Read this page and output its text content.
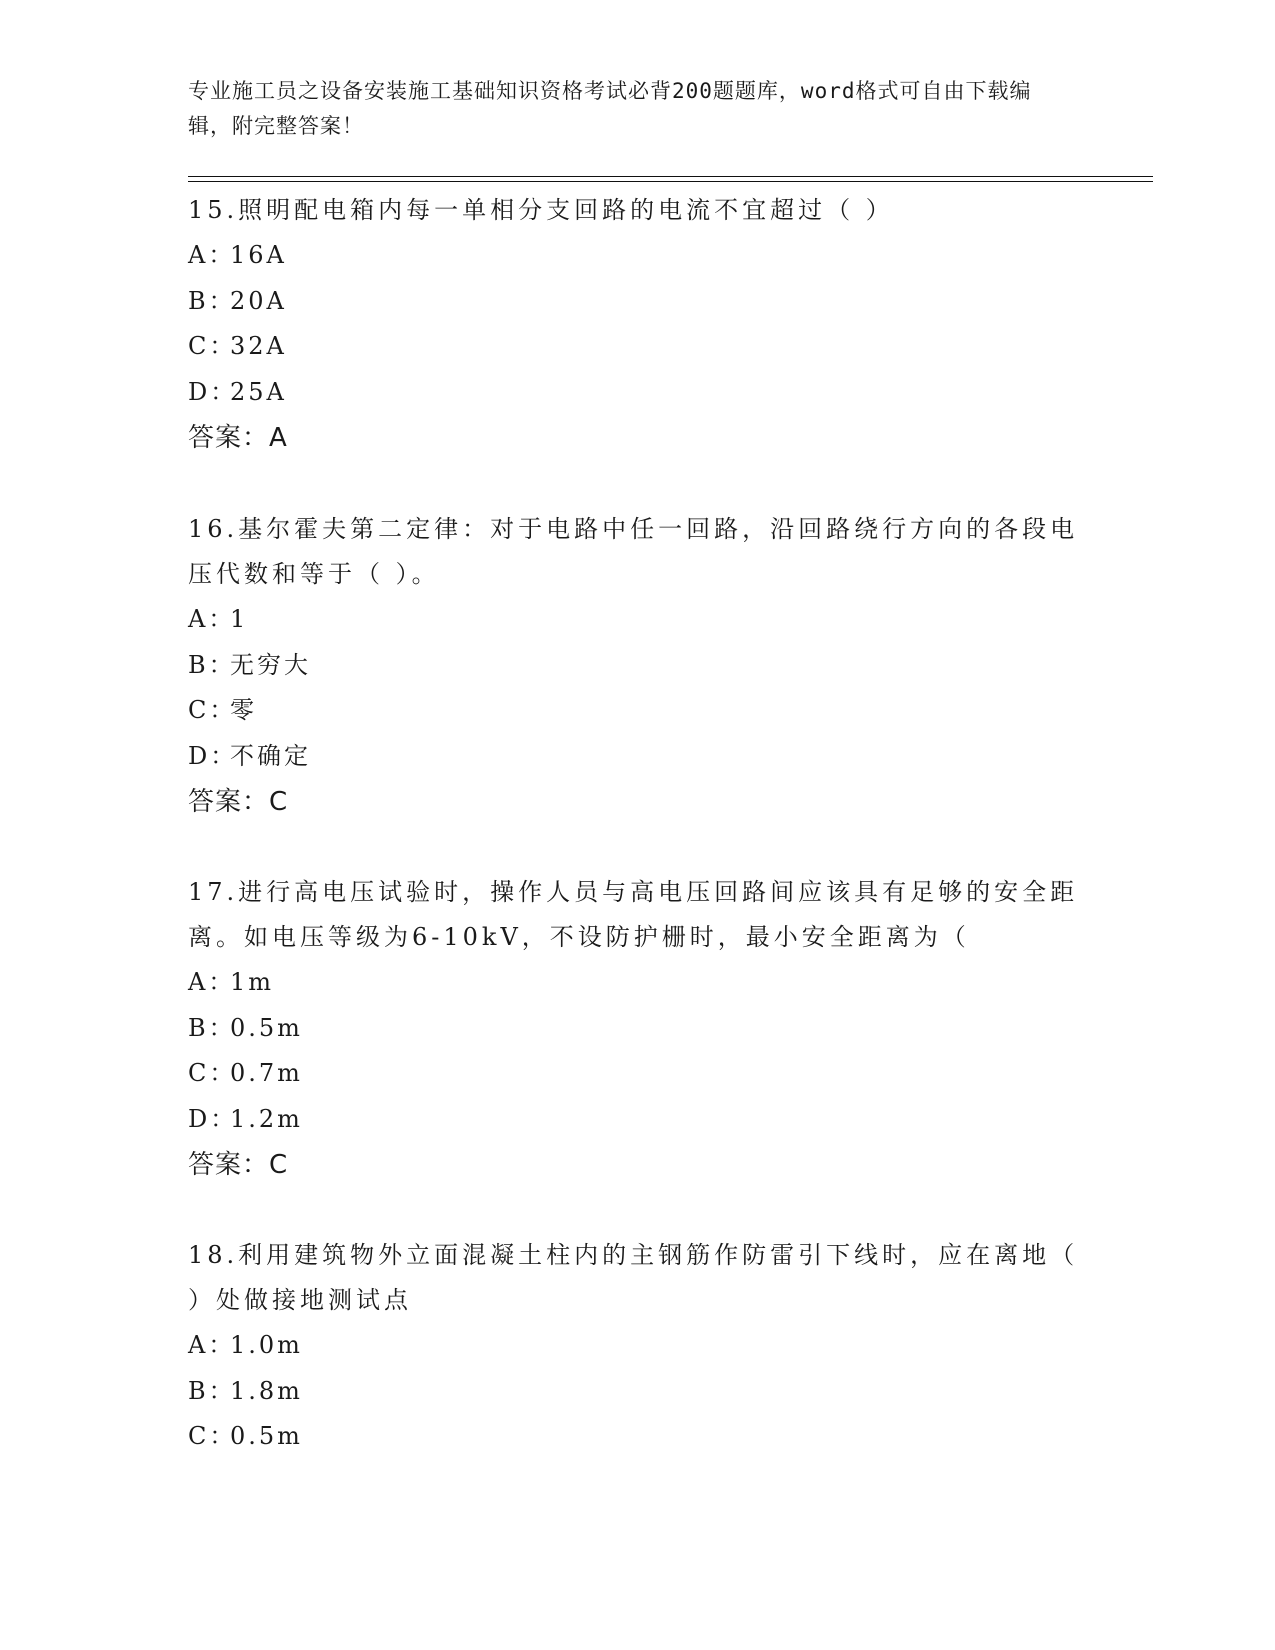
专业施工员之设备安装施工基础知识资格考试必背200题题库，word格式可自由下载编辑，附完整答案！

15.照明配电箱内每一单相分支回路的电流不宜超过（ ）

A：
16A

B：
20A

C：
32A

D：
25A

答案：A

16.基尔霍夫第二定律：对于电路中任一回路，沿回路绕行方向的各段电压代数和等于（ ）。

A：
1

B：
无穷大

C：
零

D：
不确定

答案：C

17.进行高电压试验时，操作人员与高电压回路间应该具有足够的安全距离。如电压等级为6-10kV，不设防护栅时，最小安全距离为（

A：
1m

B：
0.5m

C：
0.7m

D：
1.2m

答案：C

18.利用建筑物外立面混凝土柱内的主钢筋作防雷引下线时，应在离地（ ）处做接地测试点

A：
1.0m

B：
1.8m

C：
0.5m
